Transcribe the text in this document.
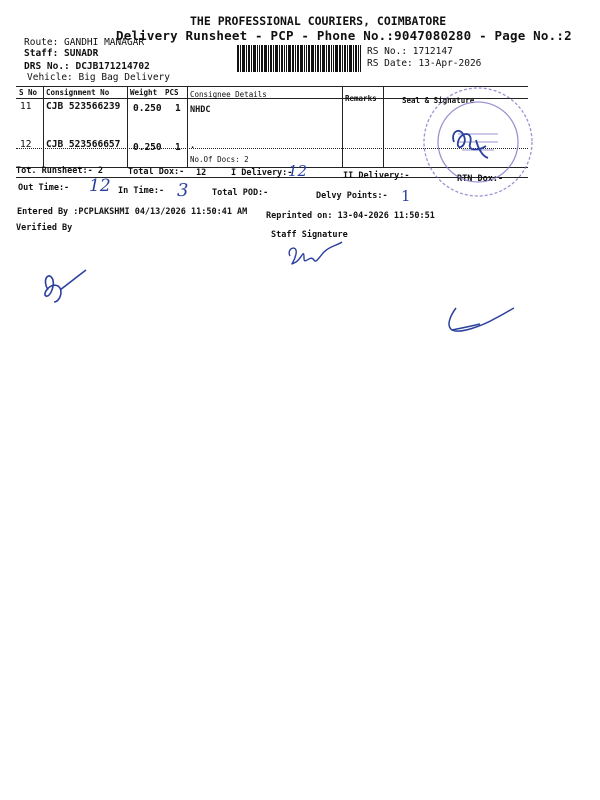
THE PROFESSIONAL COURIERS, COIMBATORE
Delivery Runsheet - PCP - Phone No.:9047080280 - Page No.:2
Route: GANDHI MANAGAR
Staff: SUNADR
DRS No.: DCJB171214702
Vehicle: Big Bag Delivery
RS No.: 1712147
RS Date: 13-Apr-2026
S No Consignment No	Weight PCS Consignee Details	Remarks	Seal & Signature
11 CJB 523566239 0.250 1 NHDC
12 CJB 523566657 0.250 1 .
No.Of Docs: 2
Tot. Runsheet:- 2	Total Dox:- 12	I Delivery:-	II Delivery:-	RTN Dox:-
Out Time:-	In Time:-	Total POD:-	Delvy Points:-
Entered By :PCPLAKSHMI 04/13/2026 11:50:41 AM Reprinted on: 13-04-2026 11:50:51
Verified By
Staff Signature
12
12	3	1
